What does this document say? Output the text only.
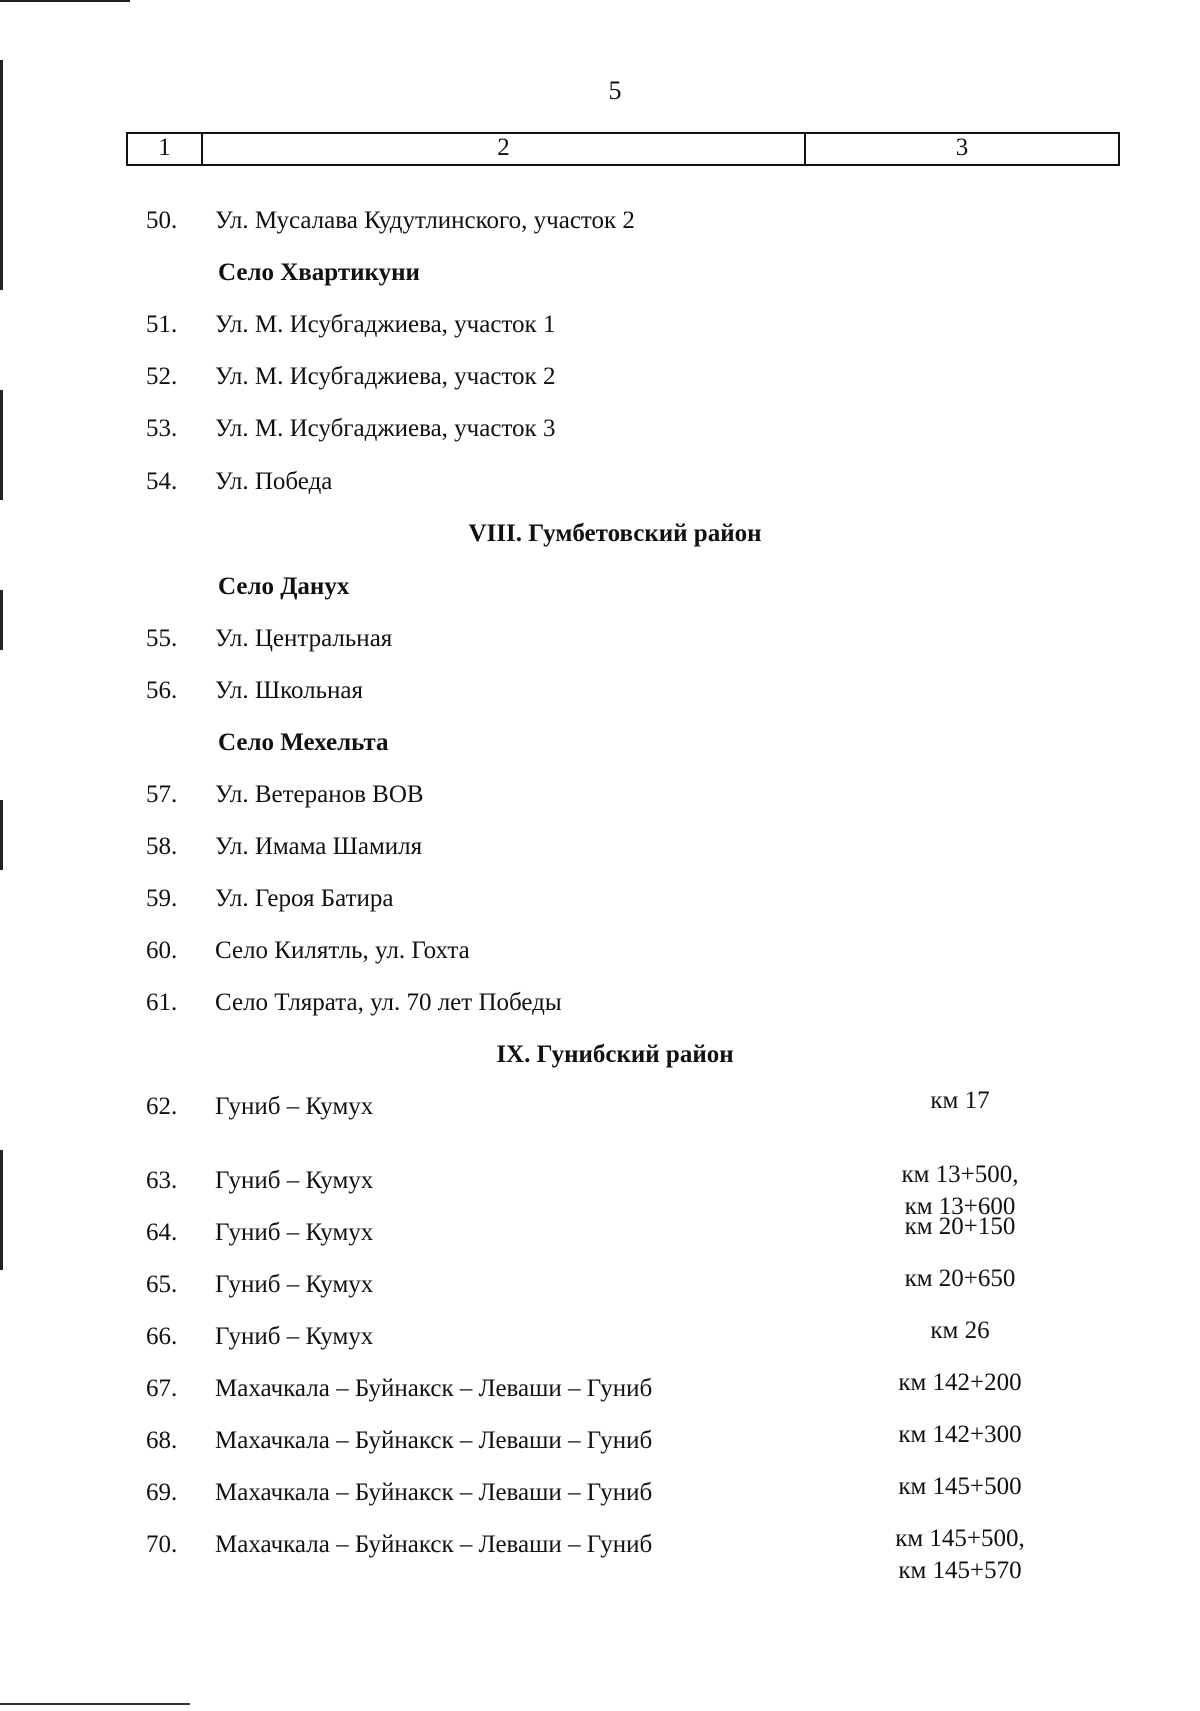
5
1	2	3
50. Ул. Мусалава Кудутлинского, участок 2
Село Хвартикуни
51. Ул. М. Исубгаджиева, участок 1
52. Ул. М. Исубгаджиева, участок 2
53. Ул. М. Исубгаджиева, участок 3
54. Ул. Победа
VIII. Гумбетовский район
Село Данух
55. Ул. Центральная
56. Ул. Школьная
Село Мехельта
57. Ул. Ветеранов ВОВ
58. Ул. Имама Шамиля
59. Ул. Героя Батира
60. Село Килятль, ул. Гохта
61. Село Тлярата, ул. 70 лет Победы
IX. Гунибский район
62. Гуниб – Кумух	км 17
63. Гуниб – Кумух	км 13+500,
км 13+600
64. Гуниб – Кумух	км 20+150
65. Гуниб – Кумух	км 20+650
66. Гуниб – Кумух	км 26
67. Махачкала – Буйнакск – Леваши – Гуниб	км 142+200
68. Махачкала – Буйнакск – Леваши – Гуниб	км 142+300
69. Махачкала – Буйнакск – Леваши – Гуниб	км 145+500
70. Махачкала – Буйнакск – Леваши – Гуниб	км 145+500,
км 145+570
